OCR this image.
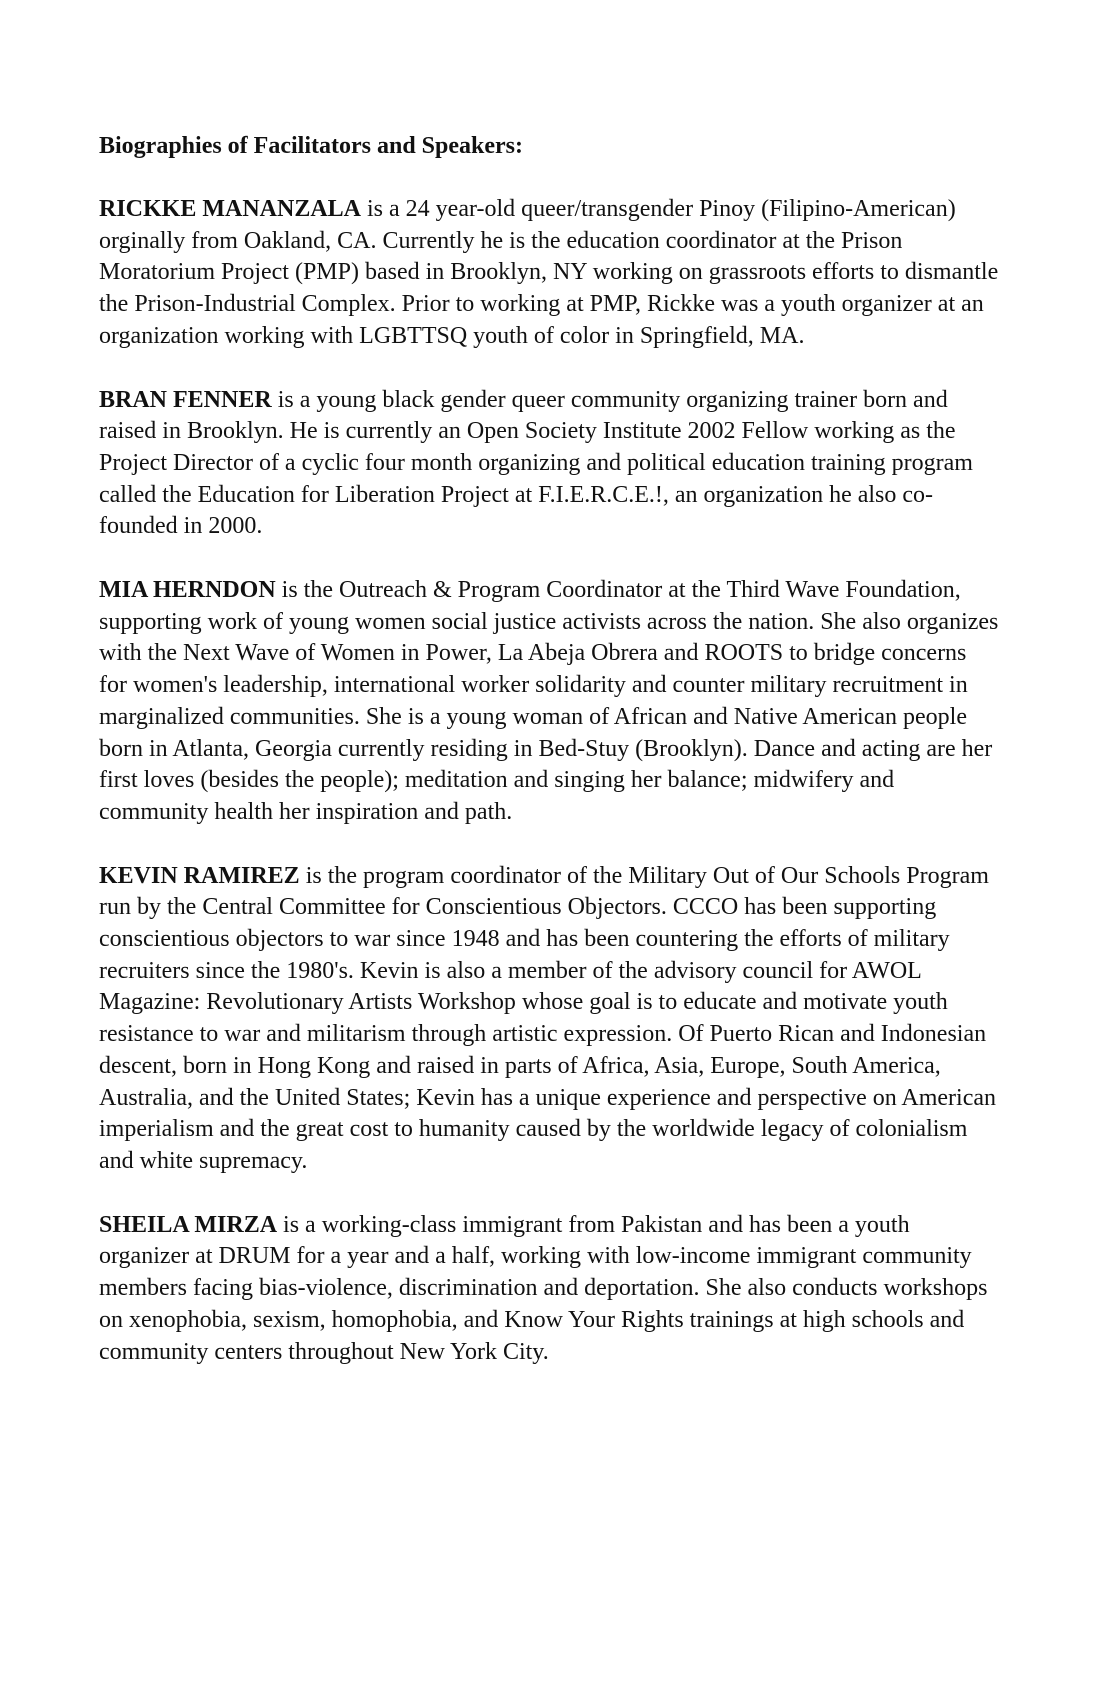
Biographies of Facilitators and Speakers:

RICKKE MANANZALA is a 24 year-old queer/transgender Pinoy (Filipino-American) orginally from Oakland, CA. Currently he is the education coordinator at the Prison Moratorium Project (PMP) based in Brooklyn, NY working on grassroots efforts to dismantle the Prison-Industrial Complex. Prior to working at PMP, Rickke was a youth organizer at an organization working with LGBTTSQ youth of color in Springfield, MA.

BRAN FENNER is a young black gender queer community organizing trainer born and raised in Brooklyn. He is currently an Open Society Institute 2002 Fellow working as the Project Director of a cyclic four month organizing and political education training program called the Education for Liberation Project at F.I.E.R.C.E.!, an organization he also co-founded in 2000.

MIA HERNDON is the Outreach & Program Coordinator at the Third Wave Foundation, supporting work of young women social justice activists across the nation. She also organizes with the Next Wave of Women in Power, La Abeja Obrera and ROOTS to bridge concerns for women's leadership, international worker solidarity and counter military recruitment in marginalized communities. She is a young woman of African and Native American people born in Atlanta, Georgia currently residing in Bed-Stuy (Brooklyn). Dance and acting are her first loves (besides the people); meditation and singing her balance; midwifery and community health her inspiration and path.

KEVIN RAMIREZ is the program coordinator of the Military Out of Our Schools Program run by the Central Committee for Conscientious Objectors. CCCO has been supporting conscientious objectors to war since 1948 and has been countering the efforts of military recruiters since the 1980's. Kevin is also a member of the advisory council for AWOL Magazine: Revolutionary Artists Workshop whose goal is to educate and motivate youth resistance to war and militarism through artistic expression. Of Puerto Rican and Indonesian descent, born in Hong Kong and raised in parts of Africa, Asia, Europe, South America, Australia, and the United States; Kevin has a unique experience and perspective on American imperialism and the great cost to humanity caused by the worldwide legacy of colonialism and white supremacy.

SHEILA MIRZA is a working-class immigrant from Pakistan and has been a youth organizer at DRUM for a year and a half, working with low-income immigrant community members facing bias-violence, discrimination and deportation. She also conducts workshops on xenophobia, sexism, homophobia, and Know Your Rights trainings at high schools and community centers throughout New York City.
